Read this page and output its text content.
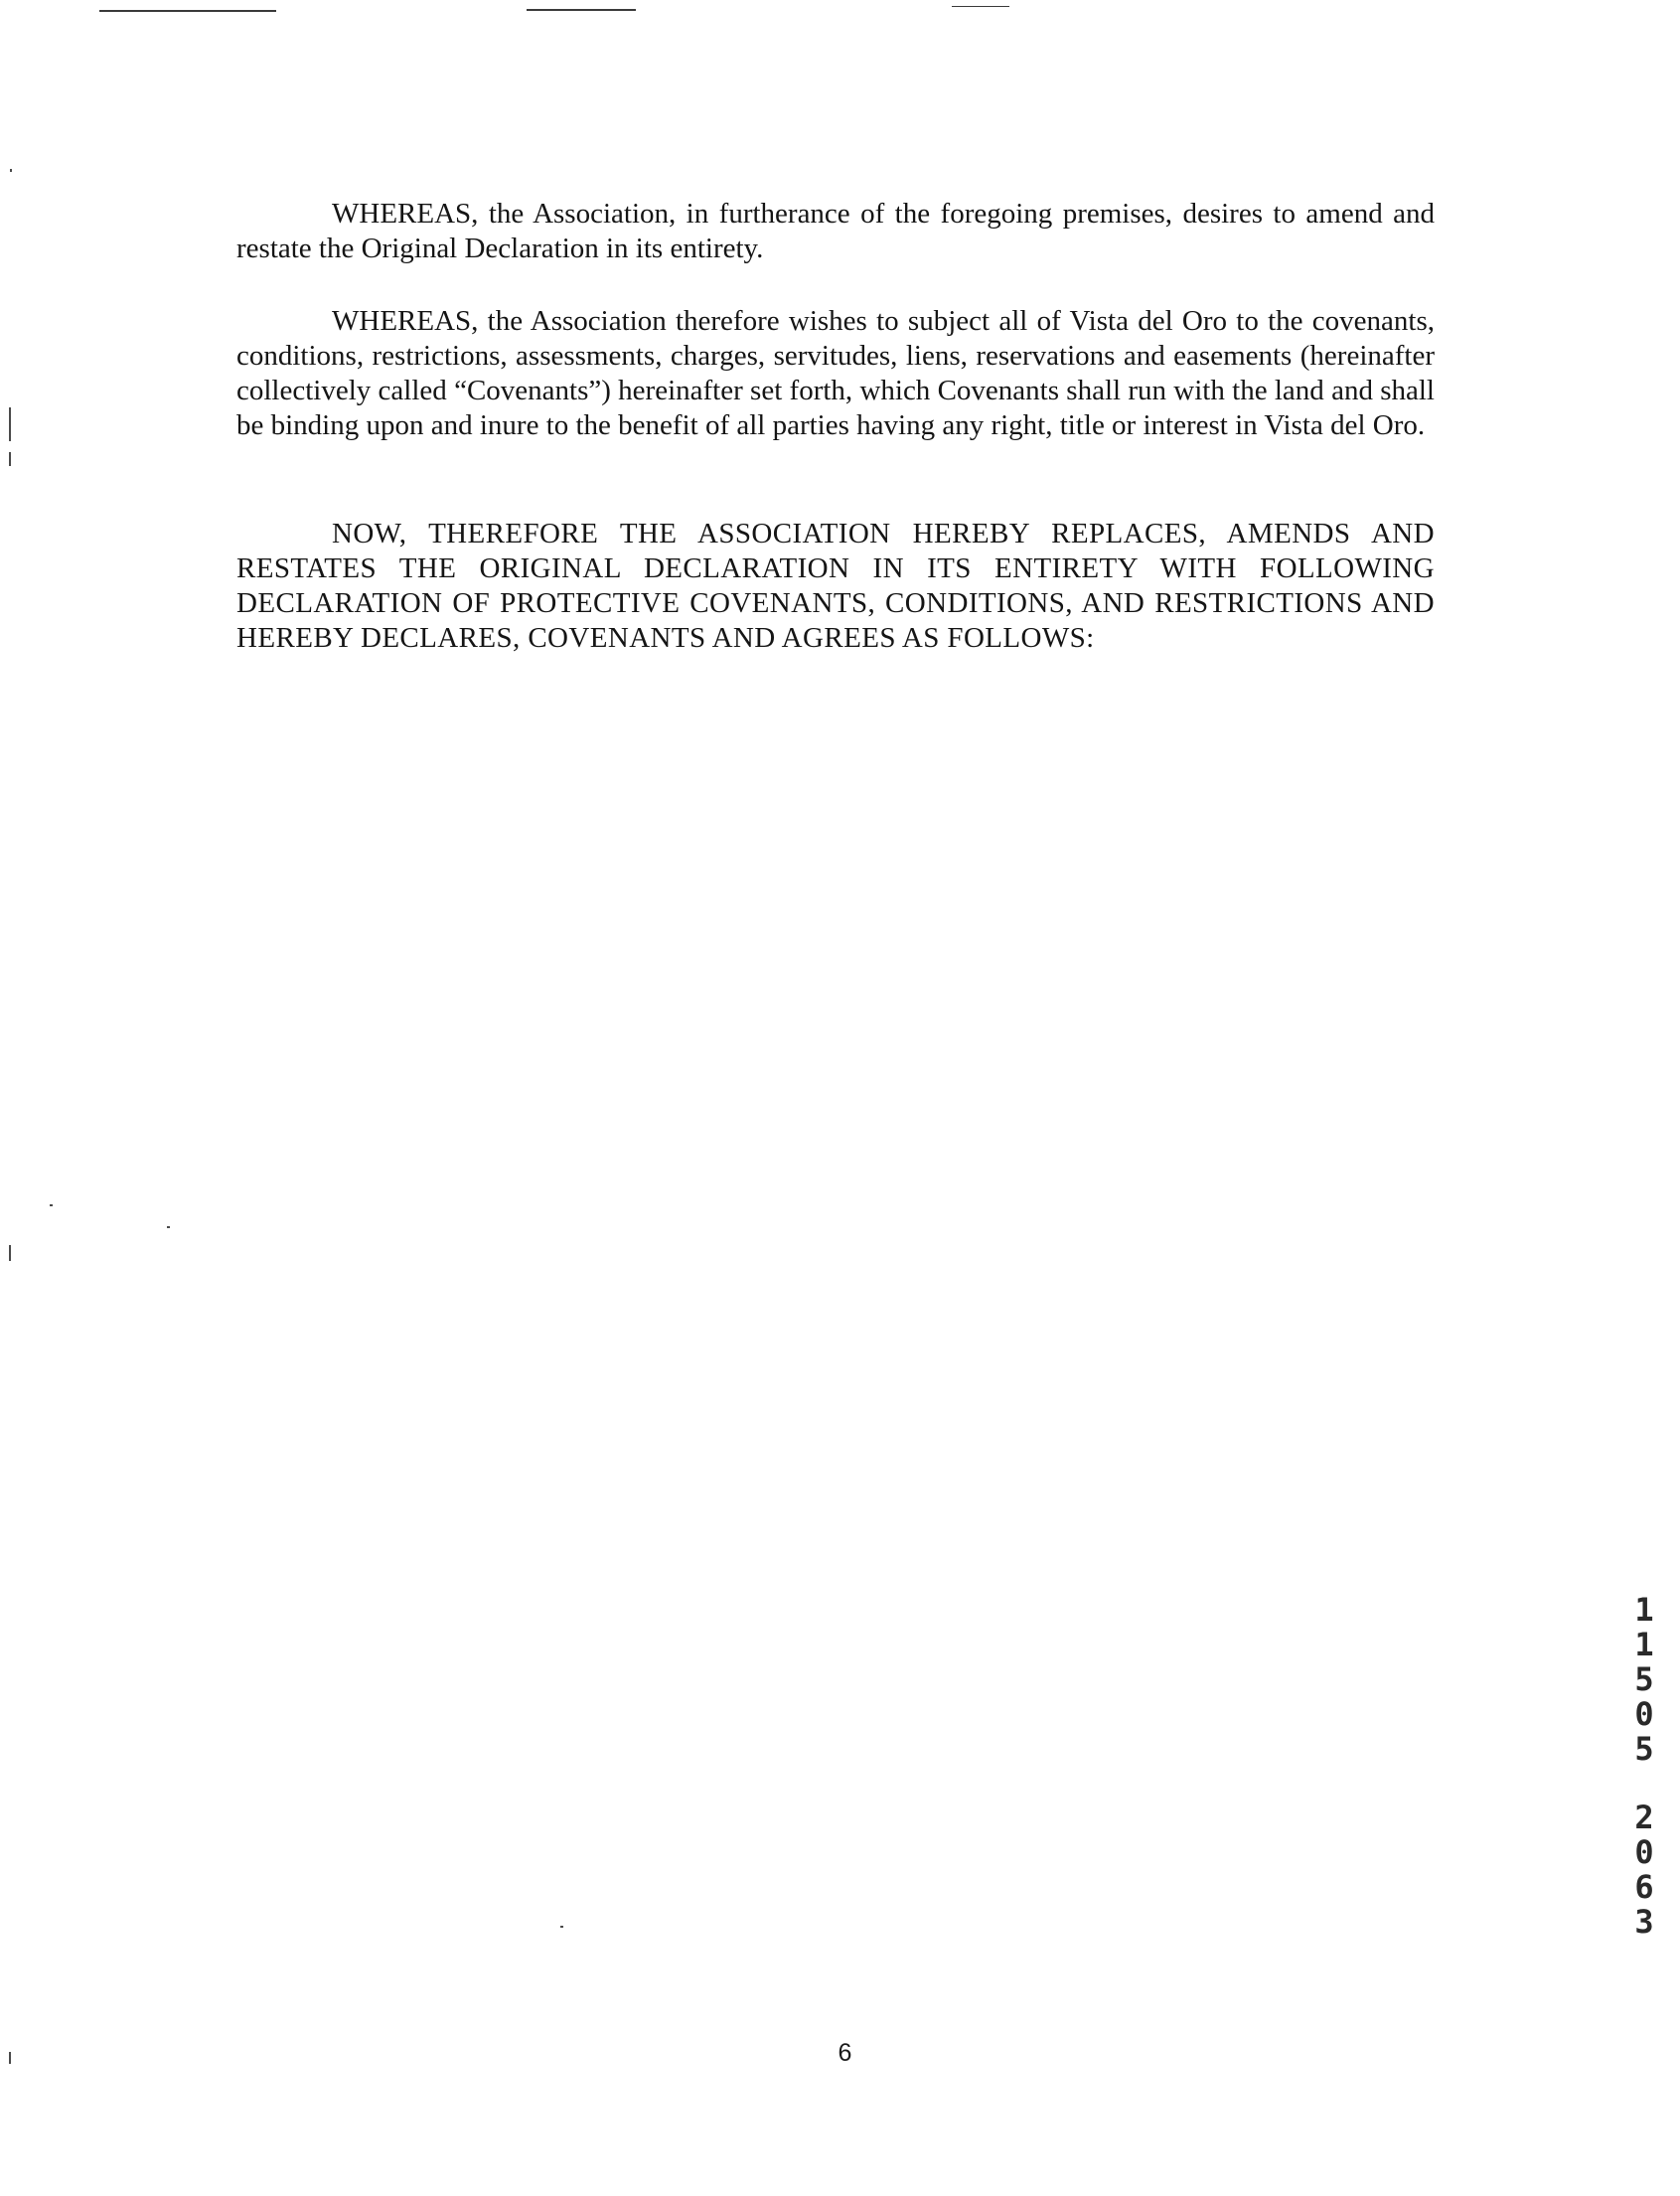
WHEREAS, the Association, in furtherance of the foregoing premises, desires to amend and restate the Original Declaration in its entirety.

WHEREAS, the Association therefore wishes to subject all of Vista del Oro to the covenants, conditions, restrictions, assessments, charges, servitudes, liens, reservations and easements (hereinafter collectively called “Covenants”) hereinafter set forth, which Covenants shall run with the land and shall be binding upon and inure to the benefit of all parties having any right, title or interest in Vista del Oro.

NOW, THEREFORE THE ASSOCIATION HEREBY REPLACES, AMENDS AND RESTATES THE ORIGINAL DECLARATION IN ITS ENTIRETY WITH FOLLOWING DECLARATION OF PROTECTIVE COVENANTS, CONDITIONS, AND RESTRICTIONS AND HEREBY DECLARES, COVENANTS AND AGREES AS FOLLOWS:

6
1
1
5
0
5
2
0
6
3
